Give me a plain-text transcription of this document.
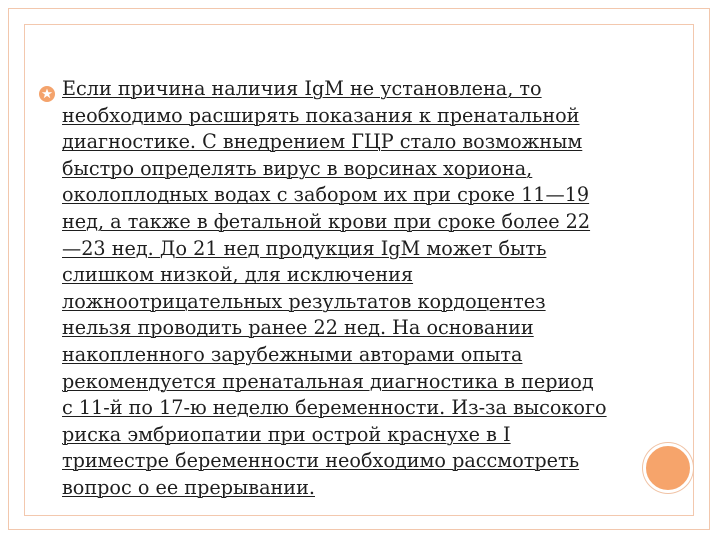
Если причина наличия IgM не установлена, то
необходимо расширять показания к пренатальной
диагностике. С внедрением ГЦР стало возможным
быстро определять вирус в ворсинах хориона,
околоплодных водах с забором их при сроке 11—19
нед, а также в фетальной крови при сроке более 22
—23 нед. До 21 нед продукция IgM может быть
слишком низкой, для исключения
ложноотрицательных результатов кордоцентез
нельзя проводить ранее 22 нед. На основании
накопленного зарубежными авторами опыта
рекомендуется пренатальная диагностика в период
с 11-й по 17-ю неделю беременности. Из-за высокого
риска эмбриопатии при острой краснухе в I
триместре беременности необходимо рассмотреть
вопрос о ее прерывании.
